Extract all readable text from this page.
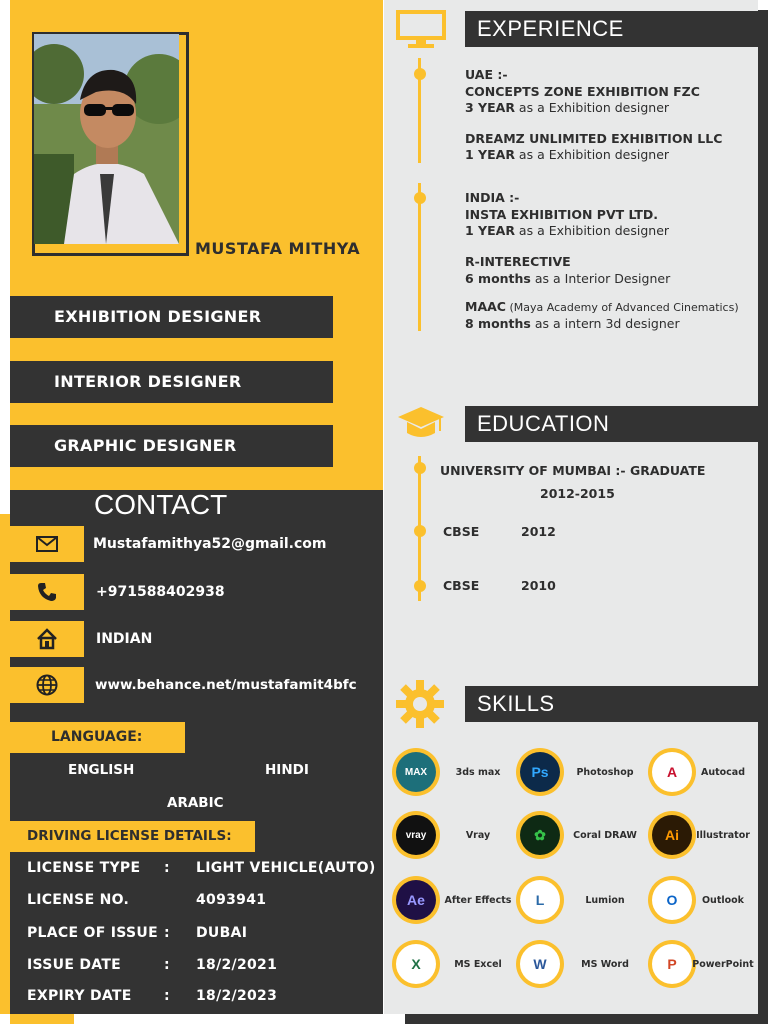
MUSTAFA MITHYA
EXHIBITION DESIGNER
INTERIOR DESIGNER
GRAPHIC DESIGNER
CONTACT
Mustafamithya52@gmail.com
+971588402938
INDIAN
www.behance.net/mustafamit4bfc
LANGUAGE:
ENGLISH	HINDI
ARABIC
DRIVING LICENSE DETAILS:
LICENSE TYPE : LIGHT VEHICLE(AUTO)
LICENSE NO.	4093941
PLACE OF ISSUE : DUBAI
ISSUE DATE	: 18/2/2021
EXPIRY DATE : 18/2/2023
EXPERIENCE
UAE :-
CONCEPTS ZONE EXHIBITION FZC
3 YEAR as a Exhibition designer
DREAMZ UNLIMITED EXHIBITION LLC
1 YEAR as a Exhibition designer
INDIA :-
INSTA EXHIBITION PVT LTD.
1 YEAR as a Exhibition designer
R-INTERECTIVE
6 months as a Interior Designer
MAAC (Maya Academy of Advanced Cinematics)
8 months as a intern 3d designer
EDUCATION
UNIVERSITY OF MUMBAI :- GRADUATE
2012-2015
CBSE	2012
CBSE	2010
SKILLS
MAX	3ds max	Ps	Photoshop	A	Autocad
vray	Vray	✿	Coral DRAW	Ai	Illustrator
Ae	After Effects	L	Lumion	O	Outlook
X	MS Excel	W	MS Word	P	PowerPoint
